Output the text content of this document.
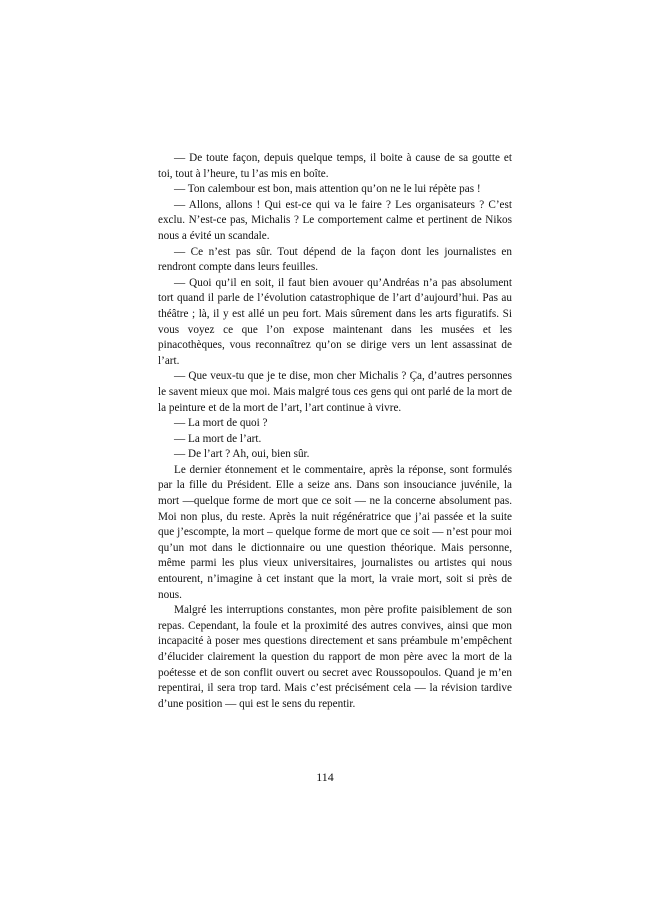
— De toute façon, depuis quelque temps, il boite à cause de sa goutte et toi, tout à l’heure, tu l’as mis en boîte.

— Ton calembour est bon, mais attention qu’on ne le lui répète pas !

— Allons, allons ! Qui est-ce qui va le faire ? Les organisateurs ? C’est exclu. N’est-ce pas, Michalis ? Le comportement calme et pertinent de Nikos nous a évité un scandale.

— Ce n’est pas sûr. Tout dépend de la façon dont les journalistes en rendront compte dans leurs feuilles.

— Quoi qu’il en soit, il faut bien avouer qu’Andréas n’a pas absolument tort quand il parle de l’évolution catastrophique de l’art d’aujourd’hui. Pas au théâtre ; là, il y est allé un peu fort. Mais sûrement dans les arts figuratifs. Si vous voyez ce que l’on expose maintenant dans les musées et les pinacothèques, vous reconnaîtrez qu’on se dirige vers un lent assassinat de l’art.

— Que veux-tu que je te dise, mon cher Michalis ? Ça, d’autres personnes le savent mieux que moi. Mais malgré tous ces gens qui ont parlé de la mort de la peinture et de la mort de l’art, l’art continue à vivre.

— La mort de quoi ?

— La mort de l’art.

— De l’art ? Ah, oui, bien sûr.

Le dernier étonnement et le commentaire, après la réponse, sont formulés par la fille du Président. Elle a seize ans. Dans son insouciance juvénile, la mort —quelque forme de mort que ce soit — ne la concerne absolument pas. Moi non plus, du reste. Après la nuit régénératrice que j’ai passée et la suite que j’escompte, la mort – quelque forme de mort que ce soit — n’est pour moi qu’un mot dans le dictionnaire ou une question théorique. Mais personne, même parmi les plus vieux universitaires, journalistes ou artistes qui nous entourent, n’imagine à cet instant que la mort, la vraie mort, soit si près de nous.

Malgré les interruptions constantes, mon père profite paisiblement de son repas. Cependant, la foule et la proximité des autres convives, ainsi que mon incapacité à poser mes questions directement et sans préambule m’empêchent d’élucider clairement la question du rapport de mon père avec la mort de la poétesse et de son conflit ouvert ou secret avec Roussopoulos. Quand je m’en repentirai, il sera trop tard. Mais c’est précisément cela — la révision tardive d’une position — qui est le sens du repentir.

114
